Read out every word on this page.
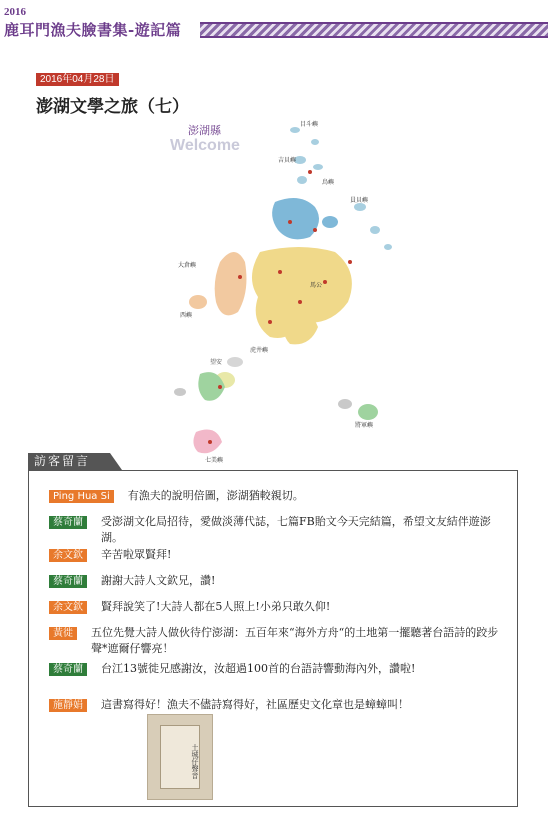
2016
鹿耳門漁夫臉書集-遊記篇
2016年04月28日
澎湖文學之旅（七）
澎湖縣
Welcome
目斗嶼
吉貝嶼
鳥嶼
員貝嶼
大倉嶼
西嶼
馬公
虎井嶼
望安
七美嶼
將軍嶼
訪客留言
Ping Hua Si	有漁夫的說明倍圖，澎湖猶較親切。
蔡奇蘭	受澎湖文化局招待，愛做淡薄代誌，七篇FB貽文今天完結篇，希望文友結伴遊澎湖。
余文欽	辛苦啦眾賢拜!
蔡奇蘭	謝謝大詩人文欽兄，讚!
余文欽	賢拜說笑了!大詩人都在5人照上!小弟只敢久仰!
黃徙	五位先覺大詩人做伙待佇澎湖：五百年來“海外方舟“的土地第一擺聽著台語詩的跤步聲*遮爾仔響亮！
蔡奇蘭	台江13號徙兄感謝汝，汝超過100首的台語詩響動海內外，讚啦!
施靜娟	這書寫得好！漁夫不儘詩寫得好，社區歷史文化章也是蟑蟑叫！
土城仔聲音
